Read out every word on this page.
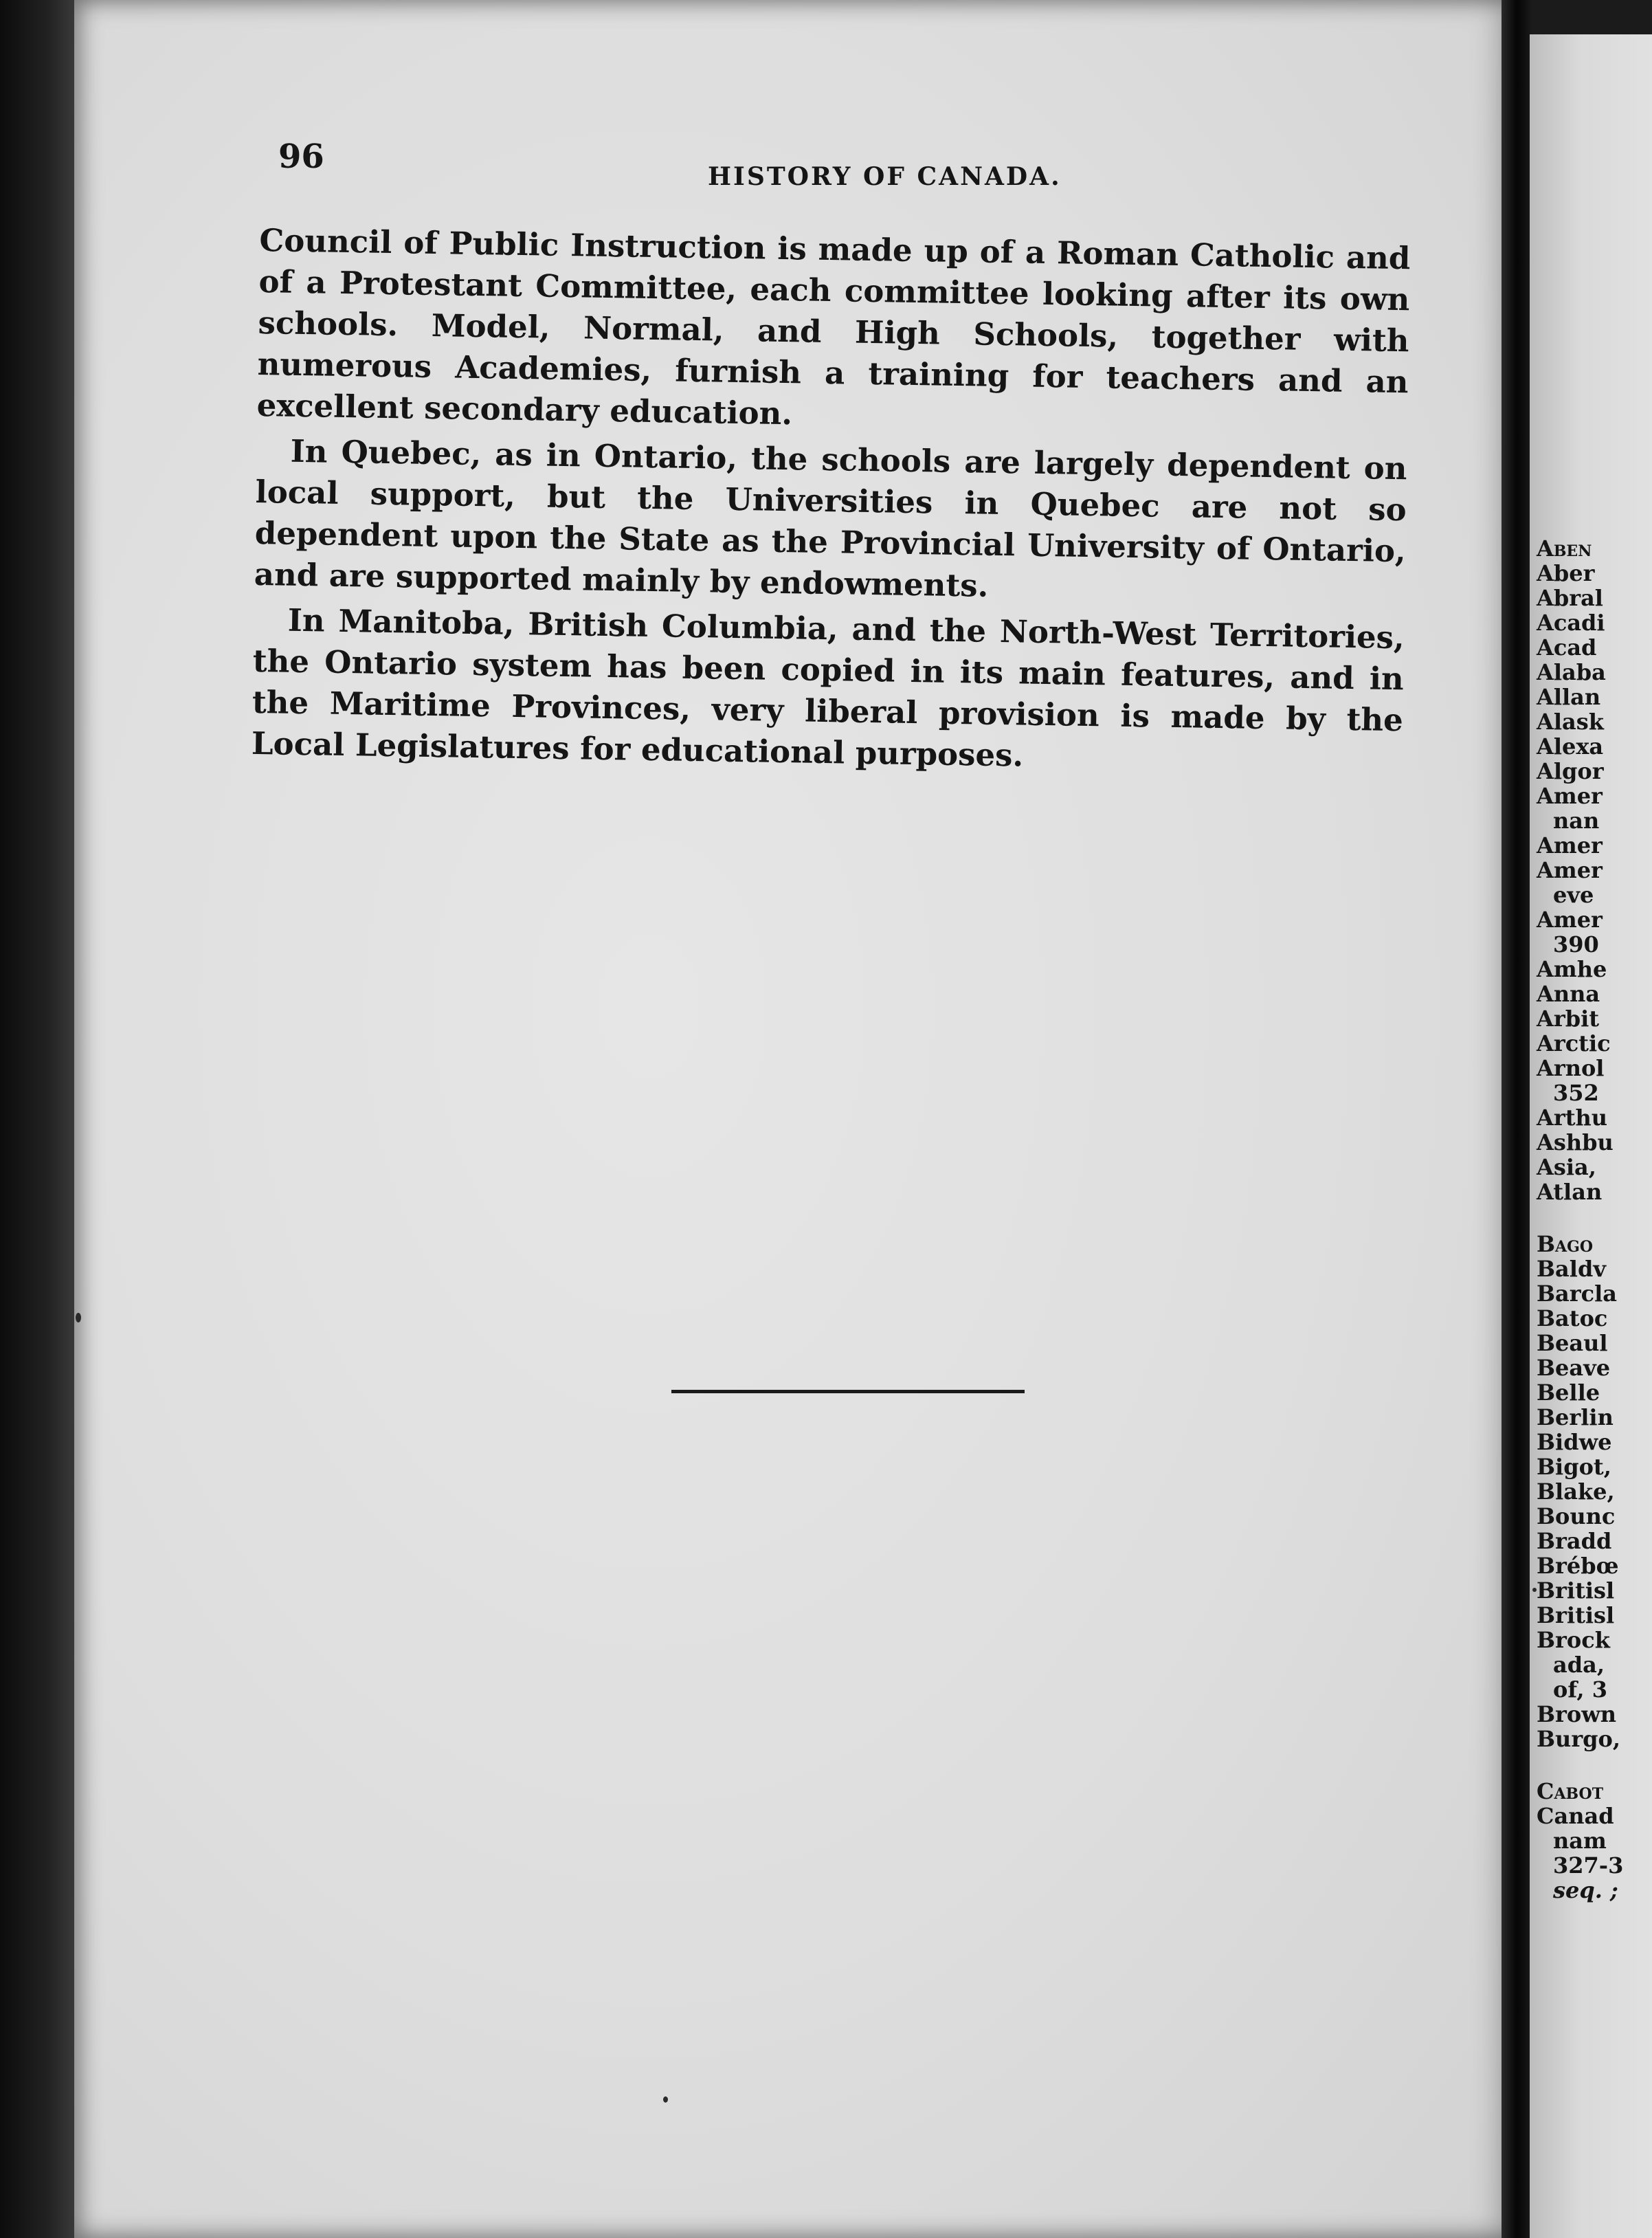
96
HISTORY OF CANADA.

Council of Public Instruction is made up of a Roman Catholic and of a Protestant Committee, each committee looking after its own schools. Model, Normal, and High Schools, together with numerous Academies, furnish a training for teachers and an excellent secondary education.

In Quebec, as in Ontario, the schools are largely dependent on local support, but the Universities in Quebec are not so dependent upon the State as the Provincial University of Ontario, and are supported mainly by endowments.

In Manitoba, British Columbia, and the North-West Territories, the Ontario system has been copied in its main features, and in the Maritime Provinces, very liberal provision is made by the Local Legislatures for educational purposes.

Aben
Aber
Abral
Acadi
Acad
Alaba
Allan
Alask
Alexa
Algor
Amer
nan
Amer
Amer
eve
Amer
390
Amhe
Anna
Arbit
Arctic
Arnol
352
Arthu
Ashbu
Asia,
Atlan
Bago
Baldv
Barcla
Batoc
Beaul
Beave
Belle
Berlin
Bidwe
Bigot,
Blake,
Bounc
Bradd
Brébœ
Britisl
Britisl
Brock
ada,
of, 3
Brown
Burgo,
Cabot
Canad
nam
327-3
seq. ;
